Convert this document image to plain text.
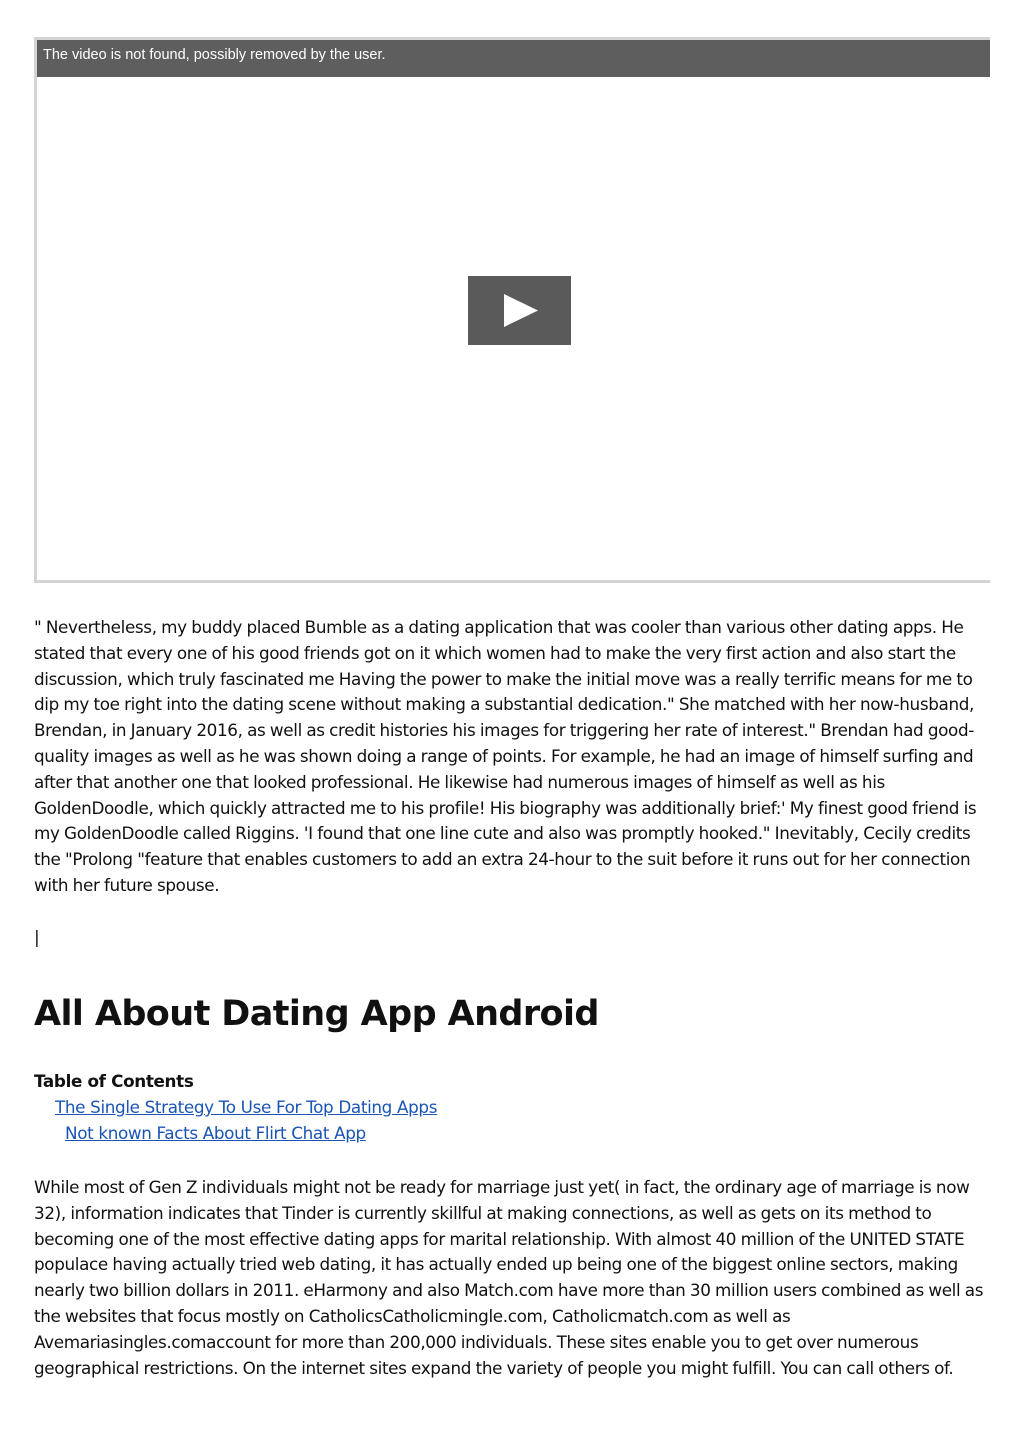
The video is not found, possibly removed by the user.

" Nevertheless, my buddy placed Bumble as a dating application that was cooler than various other dating apps. He stated that every one of his good friends got on it which women had to make the very first action and also start the discussion, which truly fascinated me Having the power to make the initial move was a really terrific means for me to dip my toe right into the dating scene without making a substantial dedication." She matched with her now-husband, Brendan, in January 2016, as well as credit histories his images for triggering her rate of interest." Brendan had good-quality images as well as he was shown doing a range of points. For example, he had an image of himself surfing and after that another one that looked professional. He likewise had numerous images of himself as well as his GoldenDoodle, which quickly attracted me to his profile! His biography was additionally brief:' My finest good friend is my GoldenDoodle called Riggins. 'I found that one line cute and also was promptly hooked." Inevitably, Cecily credits the "Prolong "feature that enables customers to add an extra 24-hour to the suit before it runs out for her connection with her future spouse.

|
All About Dating App Android
Table of Contents
The Single Strategy To Use For Top Dating Apps
Not known Facts About Flirt Chat App

While most of Gen Z individuals might not be ready for marriage just yet( in fact, the ordinary age of marriage is now 32), information indicates that Tinder is currently skillful at making connections, as well as gets on its method to becoming one of the most effective dating apps for marital relationship. With almost 40 million of the UNITED STATE populace having actually tried web dating, it has actually ended up being one of the biggest online sectors, making nearly two billion dollars in 2011. eHarmony and also Match.com have more than 30 million users combined as well as the websites that focus mostly on CatholicsCatholicmingle.com, Catholicmatch.com as well as Avemariasingles.comaccount for more than 200,000 individuals. These sites enable you to get over numerous geographical restrictions. On the internet sites expand the variety of people you might fulfill. You can call others of.
